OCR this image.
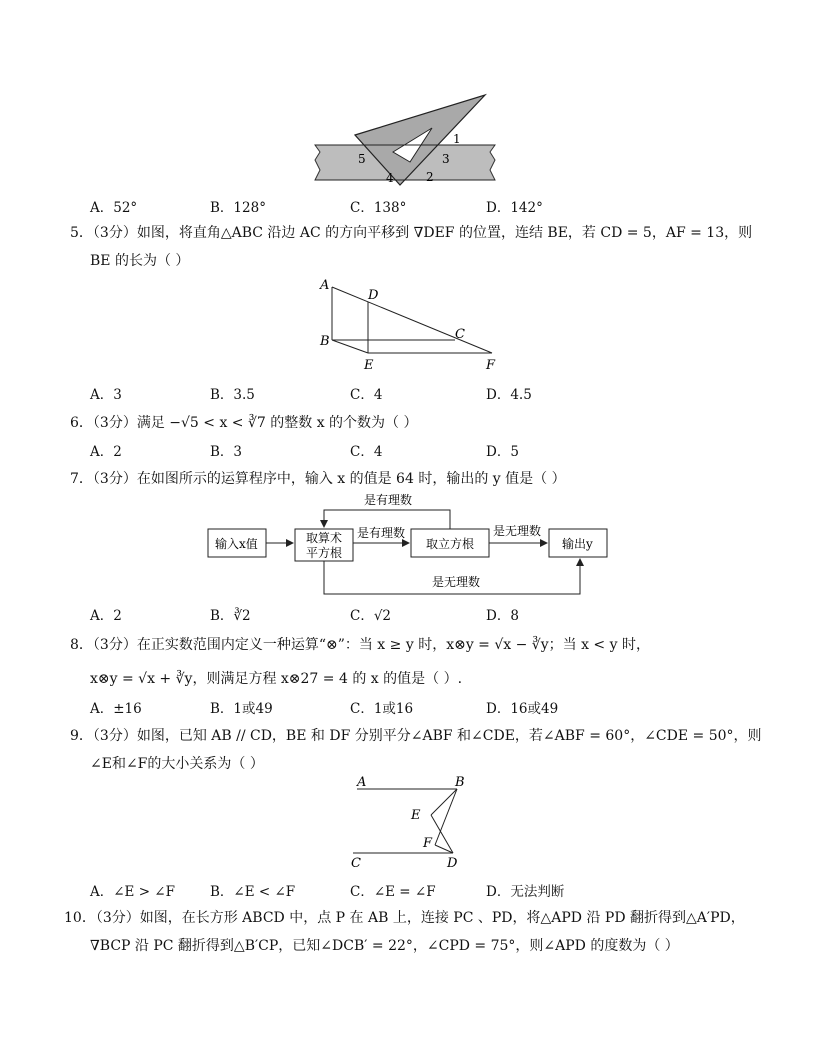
1
2
3
4
5
A．52°	B．128°	C．138°	D．142°
5．（3分）如图，将直角△ABC 沿边 AC 的方向平移到 ∇DEF 的位置，连结 BE，若 CD = 5，AF = 13，则
BE 的长为（ ）
A
D
C
B
E	F
A．3	B．3.5	C．4	D．4.5
6．（3分）满足 −√5 < x < ∛7 的整数 x 的个数为（ ）
A．2	B．3	C．4	D．5
7．（3分）在如图所示的运算程序中，输入 x 的值是 64 时，输出的 y 值是（ ）
输入x值	取算术
平方根
取立方根	输出y
是有理数
是有理数	是无理数
是无理数
A．2	B．∛2	C．√2	D．8
8．（3分）在正实数范围内定义一种运算“⊗”：当 x ≥ y 时，x⊗y = √x − ∛y；当 x < y 时，
x⊗y = √x + ∛y，则满足方程 x⊗27 = 4 的 x 的值是（ ）.
A．±16	B．1或49	C．1或16	D．16或49
9．（3分）如图，已知 AB // CD，BE 和 DF 分别平分∠ABF 和∠CDE，若∠ABF = 60°，∠CDE = 50°，则
∠E和∠F的大小关系为（ ）
A	B
E
F
C	D
A．∠E > ∠F	B．∠E < ∠F	C．∠E = ∠F	D．无法判断
10．（3分）如图，在长方形 ABCD 中，点 P 在 AB 上，连接 PC 、PD，将△APD 沿 PD 翻折得到△A′PD，
∇BCP 沿 PC 翻折得到△B′CP，已知∠DCB′ = 22°，∠CPD = 75°，则∠APD 的度数为（ ）
